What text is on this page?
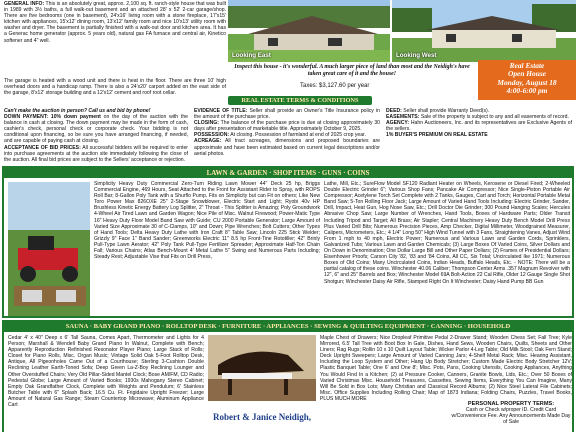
GENERAL INFO: This is an absolutely great, approx. 2,100 sq. ft. ranch-style house that was built in 1989 with 3½ baths, a full walk-out basement and an attached 28' x 52' 2-car garage/shop. There are five bedrooms (one in basement), 24'x16' living room with a stone fireplace, 17'x15' kitchen with appliances, 15'x12' dining room, 13'x12' family room and nice 10'x13' utility room with washer and dryer. The basement is partially finished with a walk-out door and kitchen area. It has a Generac home generator (approx. 5 years old), natural gas FA furnace and central air, Kinetico softener and 4" well.
The garage is heated with a wood unit and there is heat in the floor. There are three 10' high overhead doors and a handicap ramp. There is also a 24'x20' carport added on the east side of the garage, 8'x12' storage building and a 12'x12' cement and roof root cellar.
Looking East	Looking West
Inspect this house - it's wonderful. A much larger piece of land than most and the Neidigh's have taken great care of it and the house!
Taxes: $3,127.60 per year
Real Estate
Open House
Monday, August 18
4:00-6:00 pm
REAL ESTATE TERMS & CONDITIONS
Can't make the auction in person? Call us and bid by phone!
DOWN PAYMENT: 10% down payment on the day of the auction with the balance in cash at closing. The down payment may be made in the form of cash, cashier's check, personal check or corporate check. Your bidding is not conditional upon financing, so be sure you have arranged financing, if needed, and are capable of paying cash at closing.
ACCEPTANCE OF BID PRICES: All successful bidders will be required to enter into purchase agreements at the auction site immediately following the close of the auction. All final bid prices are subject to the Sellers' acceptance or rejection.
EVIDENCE OF TITLE: Seller shall provide an Owner's Title Insurance policy in the amount of the purchase price.
CLOSING: The balance of the purchase price is due at closing approximately 30 days after presentation of marketable title. Approximately October 9, 2025.
POSSESSION: At closing. Possession of farmland at end of 2025 crop year.
ACREAGE: All tract acreages, dimensions and proposed boundaries are approximate and have been estimated based on current legal descriptions and/or aerial photos.
DEED: Seller shall provide Warranty Deed(s).
EASEMENTS: Sale of the property is subject to any and all easements of record.
AGENCY: Hahn Auctioneers, Inc. and its representatives are Exclusive Agents of the sellers.
1% BUYER'S PREMIUM ON REAL ESTATE
LAWN & GARDEN · SHOP ITEMS · GUNS · COINS
Simplicity Heavy Duty Commercial Zero-Turn Riding Lawn Mower 44" Deck 25 hp, Briggs Commercial Engine, 469 Hours, Seat Attached to the Front for Assistant Rider to Spray, with ROPS Roll Bar; 8-Gallon Poly Tank with a Shurflo Pump, Fits on Simplicity but can Fit on others; Like New Toro Power Max 826OXE 25" 2-Stage Snowblower, Electric Start and Light; Ryobi 40v HP Brushless Kinetic Energy Battery Log Splitter, 2" Throat - This Splitter is Amazing; Poly Groundwork 4-Wheel Air Tired Lawn and Garden Wagon; Nice Pile of Misc. Walnut Firewood; Power-Matic Type 16" Heavy Duty Floor Model Band Saw with Guide; CU 2000 Portable Generator; Large Amount of Varied Size Approximate 30 of C-Clamps, 10" and Down; Pipe Wrenches; Bolt Cutters; Other Types of Hand Tools; Delta Heavy Duty Lathe with Iron Craft 8" Table Saw; Lincoln 225 Stick Welder; Grizzly 9" Face 1" Band Sander; Greenworks Electric 11" 8.5 hp Front-Tine Rototiller; 42" Brinly Pull-Type Lawn Aerator; 42" Poly Tank Pull-Type Fertilizer Spreader; Approximate Half-Ton Chain Fall; Various Chains; Atlas Bench-Mount 4' Metal Lathe 5" Swing and Numerous Parts Including; Steady Rest; Adjustable Vise that Fits on Drill Press,
Lathe, Mill, Etc.; SureFlow Model SF120 Radiant Heater on Wheels, Kerosene or Diesel Fired; 2-Wheeled Double Electric Grinder 6"; Various Shop Fans; Pancake Air Compressor; Nice Single-Piston Portable Air Compressor; Acetylene Torch Set Complete with 2 Tanks, Gauges, Cart and Torch; Horizontal Portable Metal Band Saw; 5-Ton Rolling Floor Jack; Large Amount of Varied Hand Tools Including: Electric Grinder, Sander, Drill, Impact, Heat Gun, Hog Nose Saw, Etc.; Drill Doctor Die Grinder; 300 Pound Hanging Scales; Hercules Abrasive Chop Saw; Large Number of Wrenches, Hand Tools, Boxes of Hardware Parts; Older Transit Including Tripod and Target; All Brass; Air Stapler; Central Machinery Heavy Duty Bench Model Drill Press Plus Varied Drill Bits; Numerous Precision Pieces, Amp Checker, Digital Millimeter, Woodgrained Measurer, Calipers, Micrometers, Etc.; 4 1/4" Long 50" High Wind Tunnel with 3 Fans, Straightening Vanes, Adjust Wind From 1 mph to 40 mph, Electric Power; Numerous and Various Lawn and Garden Cords, Sprinklers, Galvanized Tubs; Various Lawn and Garden Chemicals; (3) Large Boxes Of Varied Coins, Silver Dollars and On Down in Denomination; One Dollar Large Bill and Other Paper Dollars; (2) Frames of Presidential Dollars; Eisenhower Proofs; Carson City '82, '83 and '84 Coins, All CC, Six Total; Uncirculated Ike 1971; Numerous Boxes of Old Coins; Many Uncirculated Coins, Indian Heads, Buffalo Heads, Etc. - NOTE: There will be a partial catalog of these coins. Winchester 40.06 Caliber; Thompson Center Arms .357 Magnum Revolver with 12", 6" and 25" Barrels and Box; Winchester Model 69A Bolt-Action 22 Cal Rifle, Older 12 Gauge Single Shot Shotgun; Winchester Daisy Air Rifle, Stamped Right On It Winchester; Daisy Hand Pump BB Gun
SAUNA · BABY GRAND PIANO · ROLLTOP DESK · FURNITURE · APPLIANCES · SEWING & QUILTING EQUIPMENT · CANNING · HOUSEHOLD
Cedar 4' x 40" Deep x 6' Tall Sauna, Comes Apart, Thermometer and Lights for 4 Person; Marshall & Wendell Baby Grand Piano In Walnut, Complete with Bench; Apparently Reproduction Refinished Resonator Player Piano; Large Stack of Rolls; Closet for Piano Rolls, Misc. Organ Music; Vintage Solid Oak 5-Foot Rolltop Desk, Antique, All Pigeonholes Came Out of a Courthouse; Sterling 3-Cushion Double Reclining Leather Earth-Toned Sofa; Deep Green La-Z-Boy Reclining Lounger and Other Overstuffed Chairs; Very Old Pillar-Sided Mantel Clock; Bose AM/FM, CD Radio; Pedestal Globe; Large Amount of Varied Books; 1930s Mahogany Stereo Cabinet; Empty Oak Grandfather Clock, Complete with Weights and Pendulum; 6' Stainless Butcher Table with 6" Splash Back; 16.5 Cu. Ft. Frigidaire Upright Freezer; Large Amount of Natural Gas Range; Steam Countertop Microwave; Aluminum Appliance Cart
Robert & Janice Neidigh,
Maple Chest of Drawers; Nice Dropleaf Primitive Pedal 2-Drawer Stand; Wooden Chess Set; Fall Tree; Kyle Mirrored, 6.5' Tall Tree with Boot Box In Gale, Dishes, Hand Sews, Wooden Chairs, Quilts, Sheets and Other Liners; Rag Rugs; Rollin 10 x 10 Quilt Layout Table; Wicker Parlor 4-Leg Table; Old Milk Stool; Oak Fern Stand; Deck Upright Sweepers; Large Amount of Varied Canning Jars; 4-Shelf Metal Rack; Misc. Hearing Assistant, Including the Loop System and Other; Hang Up Body Stretcher; Custom Made Electric Body Stretcher 12V; Plastic Banquet Table; One 6' and One 8'; Misc. Pots, Pans, Cooking Utensils, Cooking Appliances, Anything You Would Find In a Kitchen; (2) at Pressure Cooker, Canners, Granite Bowls, Lids, Etc.; Over 50 Boxes of Varied Christmas Misc. Household Treasures, Cassettes, Sewing Items, Everything You Can Imagine, Many Will Be Sold in Box Lots; Many Christian and Classical Record Albums; (2) Nice Steel Lateral File Cabinets; Misc. Office Supplies Including Rolling Chair; Map of 1873 Indiana; Folding Chairs, Puzzles, Travel Books, PLUS MUCH MORE
PERSONAL PROPERTY TERMS:
Cash or Check w/proper ID. Credit Card w/Convenience Fee. Any Announcements Made Day of Sale
